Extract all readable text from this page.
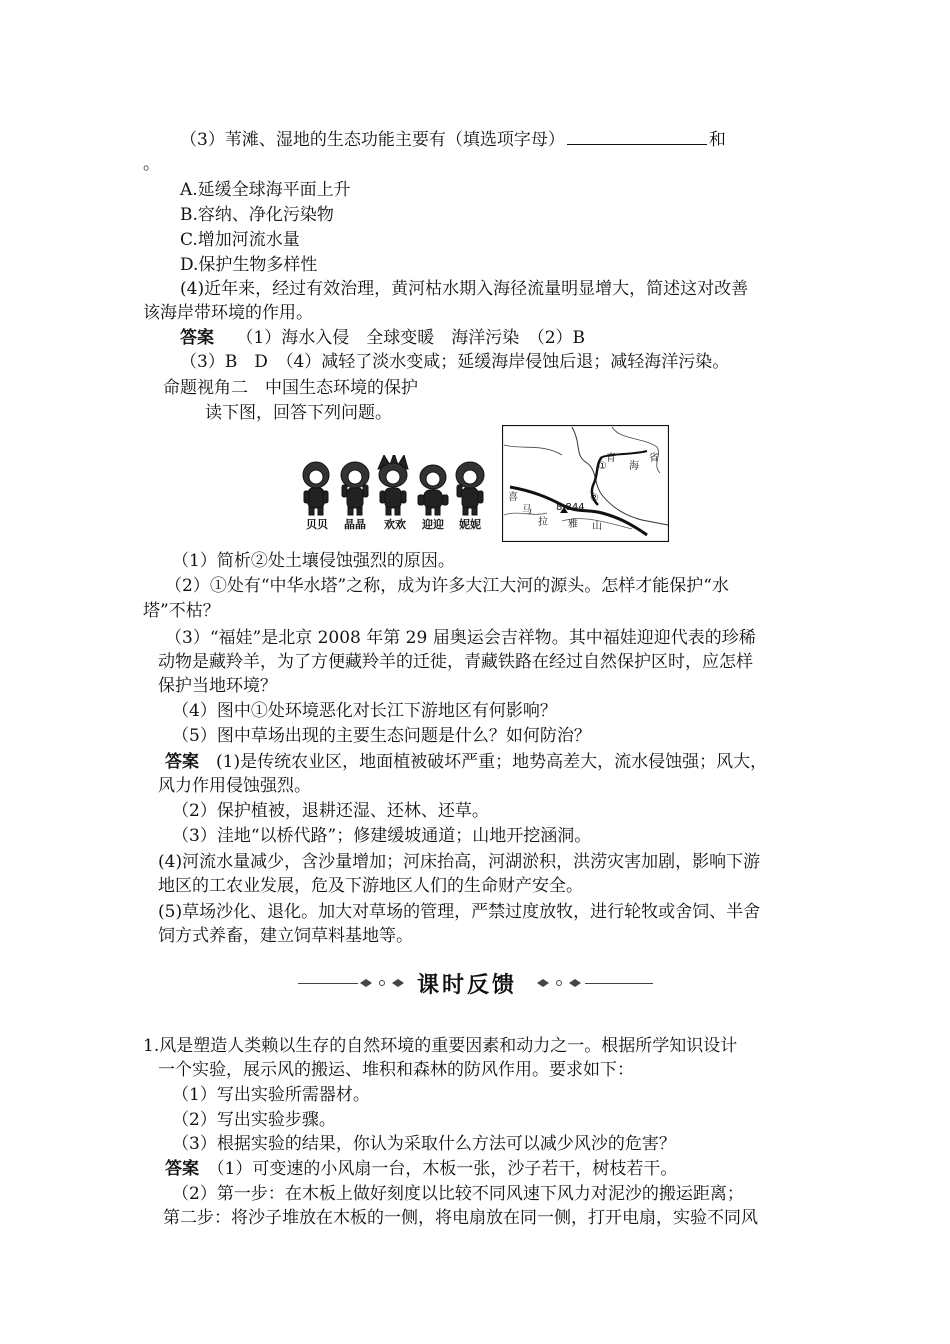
（3）苇滩、湿地的生态功能主要有（填选项字母）	和
。
A.延缓全球海平面上升
B.容纳、净化污染物
C.增加河流水量
D.保护生物多样性
(4)近年来，经过有效治理，黄河枯水期入海径流量明显增大，简述这对改善
该海岸带环境的作用。
答案　 （1）海水入侵　全球变暖　海洋污染　（2）B
（3）B　D　（4）减轻了淡水变咸；延缓海岸侵蚀后退；减轻海洋污染。
命题视角二　中国生态环境的保护
读下图，回答下列问题。
贝贝 晶晶 欢欢 迎迎 妮妮
青
海
省
①
②
喜
马
拉 雅 山
8 844
（1）简析②处土壤侵蚀强烈的原因。
（2）①处有“中华水塔”之称，成为许多大江大河的源头。怎样才能保护“水
塔”不枯？
（3）“福娃”是北京 2008 年第 29 届奥运会吉祥物。其中福娃迎迎代表的珍稀
动物是藏羚羊，为了方便藏羚羊的迁徙，青藏铁路在经过自然保护区时，应怎样
保护当地环境？
（4）图中①处环境恶化对长江下游地区有何影响？
（5）图中草场出现的主要生态问题是什么？如何防治？
答案　 (1)是传统农业区，地面植被破坏严重；地势高差大，流水侵蚀强；风大，
风力作用侵蚀强烈。
（2）保护植被，退耕还湿、还林、还草。
（3）洼地“以桥代路”；修建缓坡通道；山地开挖涵洞。
(4)河流水量减少，含沙量增加；河床抬高，河湖淤积，洪涝灾害加剧，影响下游
地区的工农业发展，危及下游地区人们的生命财产安全。
(5)草场沙化、退化。加大对草场的管理，严禁过度放牧，进行轮牧或舍饲、半舍
饲方式养畜，建立饲草料基地等。
课时反馈
1.风是塑造人类赖以生存的自然环境的重要因素和动力之一。根据所学知识设计
一个实验，展示风的搬运、堆积和森林的防风作用。要求如下：
（1）写出实验所需器材。
（2）写出实验步骤。
（3）根据实验的结果，你认为采取什么方法可以减少风沙的危害？
答案　 （1）可变速的小风扇一台，木板一张，沙子若干，树枝若干。
（2）第一步：在木板上做好刻度以比较不同风速下风力对泥沙的搬运距离；
第二步：将沙子堆放在木板的一侧，将电扇放在同一侧，打开电扇，实验不同风
